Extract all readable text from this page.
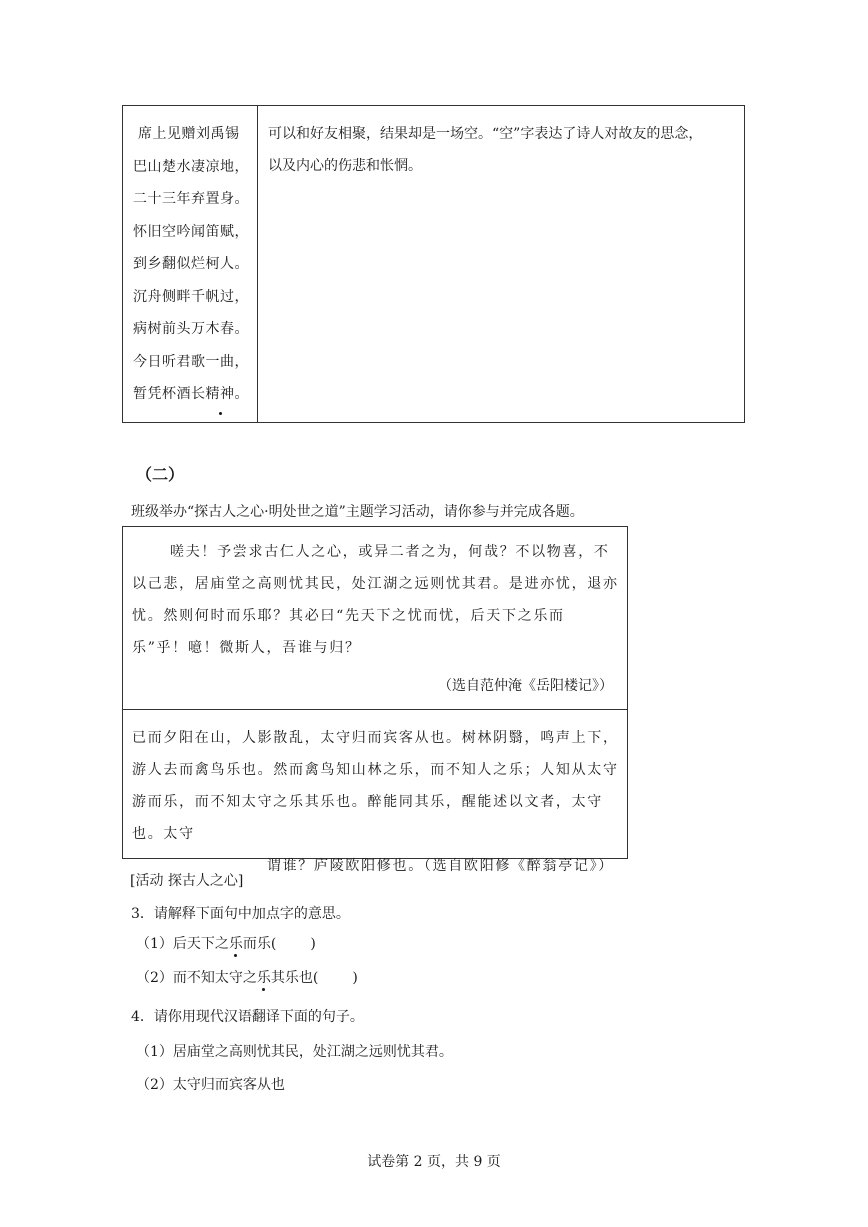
席上见赠刘禹锡
巴山楚水凄凉地，
二十三年弃置身。
怀旧空吟闻笛赋，
到乡翻似烂柯人。
沉舟侧畔千帆过，
病树前头万木春。
今日听君歌一曲，
暂凭杯酒长精神。
可以和好友相聚，结果却是一场空。“空”字表达了诗人对故友的思念，
以及内心的伤悲和怅惘。
（二）
班级举办“探古人之心·明处世之道”主题学习活动，请你参与并完成各题。
嗟夫！予尝求古仁人之心，或异二者之为，何哉？不以物喜，不以己悲，居庙堂之高则忧其民，处江湖之远则忧其君。是进亦忧，退亦忧。然则何时而乐耶？其必曰“先天下之忧而忧，后天下之乐而乐”乎！噫！微斯人，吾谁与归？
（选自范仲淹《岳阳楼记》）
已而夕阳在山，人影散乱，太守归而宾客从也。树林阴翳，鸣声上下，游人去而禽鸟乐也。然而禽鸟知山林之乐，而不知人之乐；人知从太守游而乐，而不知太守之乐其乐也。醉能同其乐，醒能述以文者，太守也。太守
谓谁？庐陵欧阳修也。（选自欧阳修《醉翁亭记》）
[活动 探古人之心]
3．请解释下面句中加点字的意思。
（1）后天下之乐而乐( )
（2）而不知太守之乐其乐也( )
4．请你用现代汉语翻译下面的句子。
（1）居庙堂之高则忧其民，处江湖之远则忧其君。
（2）太守归而宾客从也
试卷第 2 页，共 9 页
